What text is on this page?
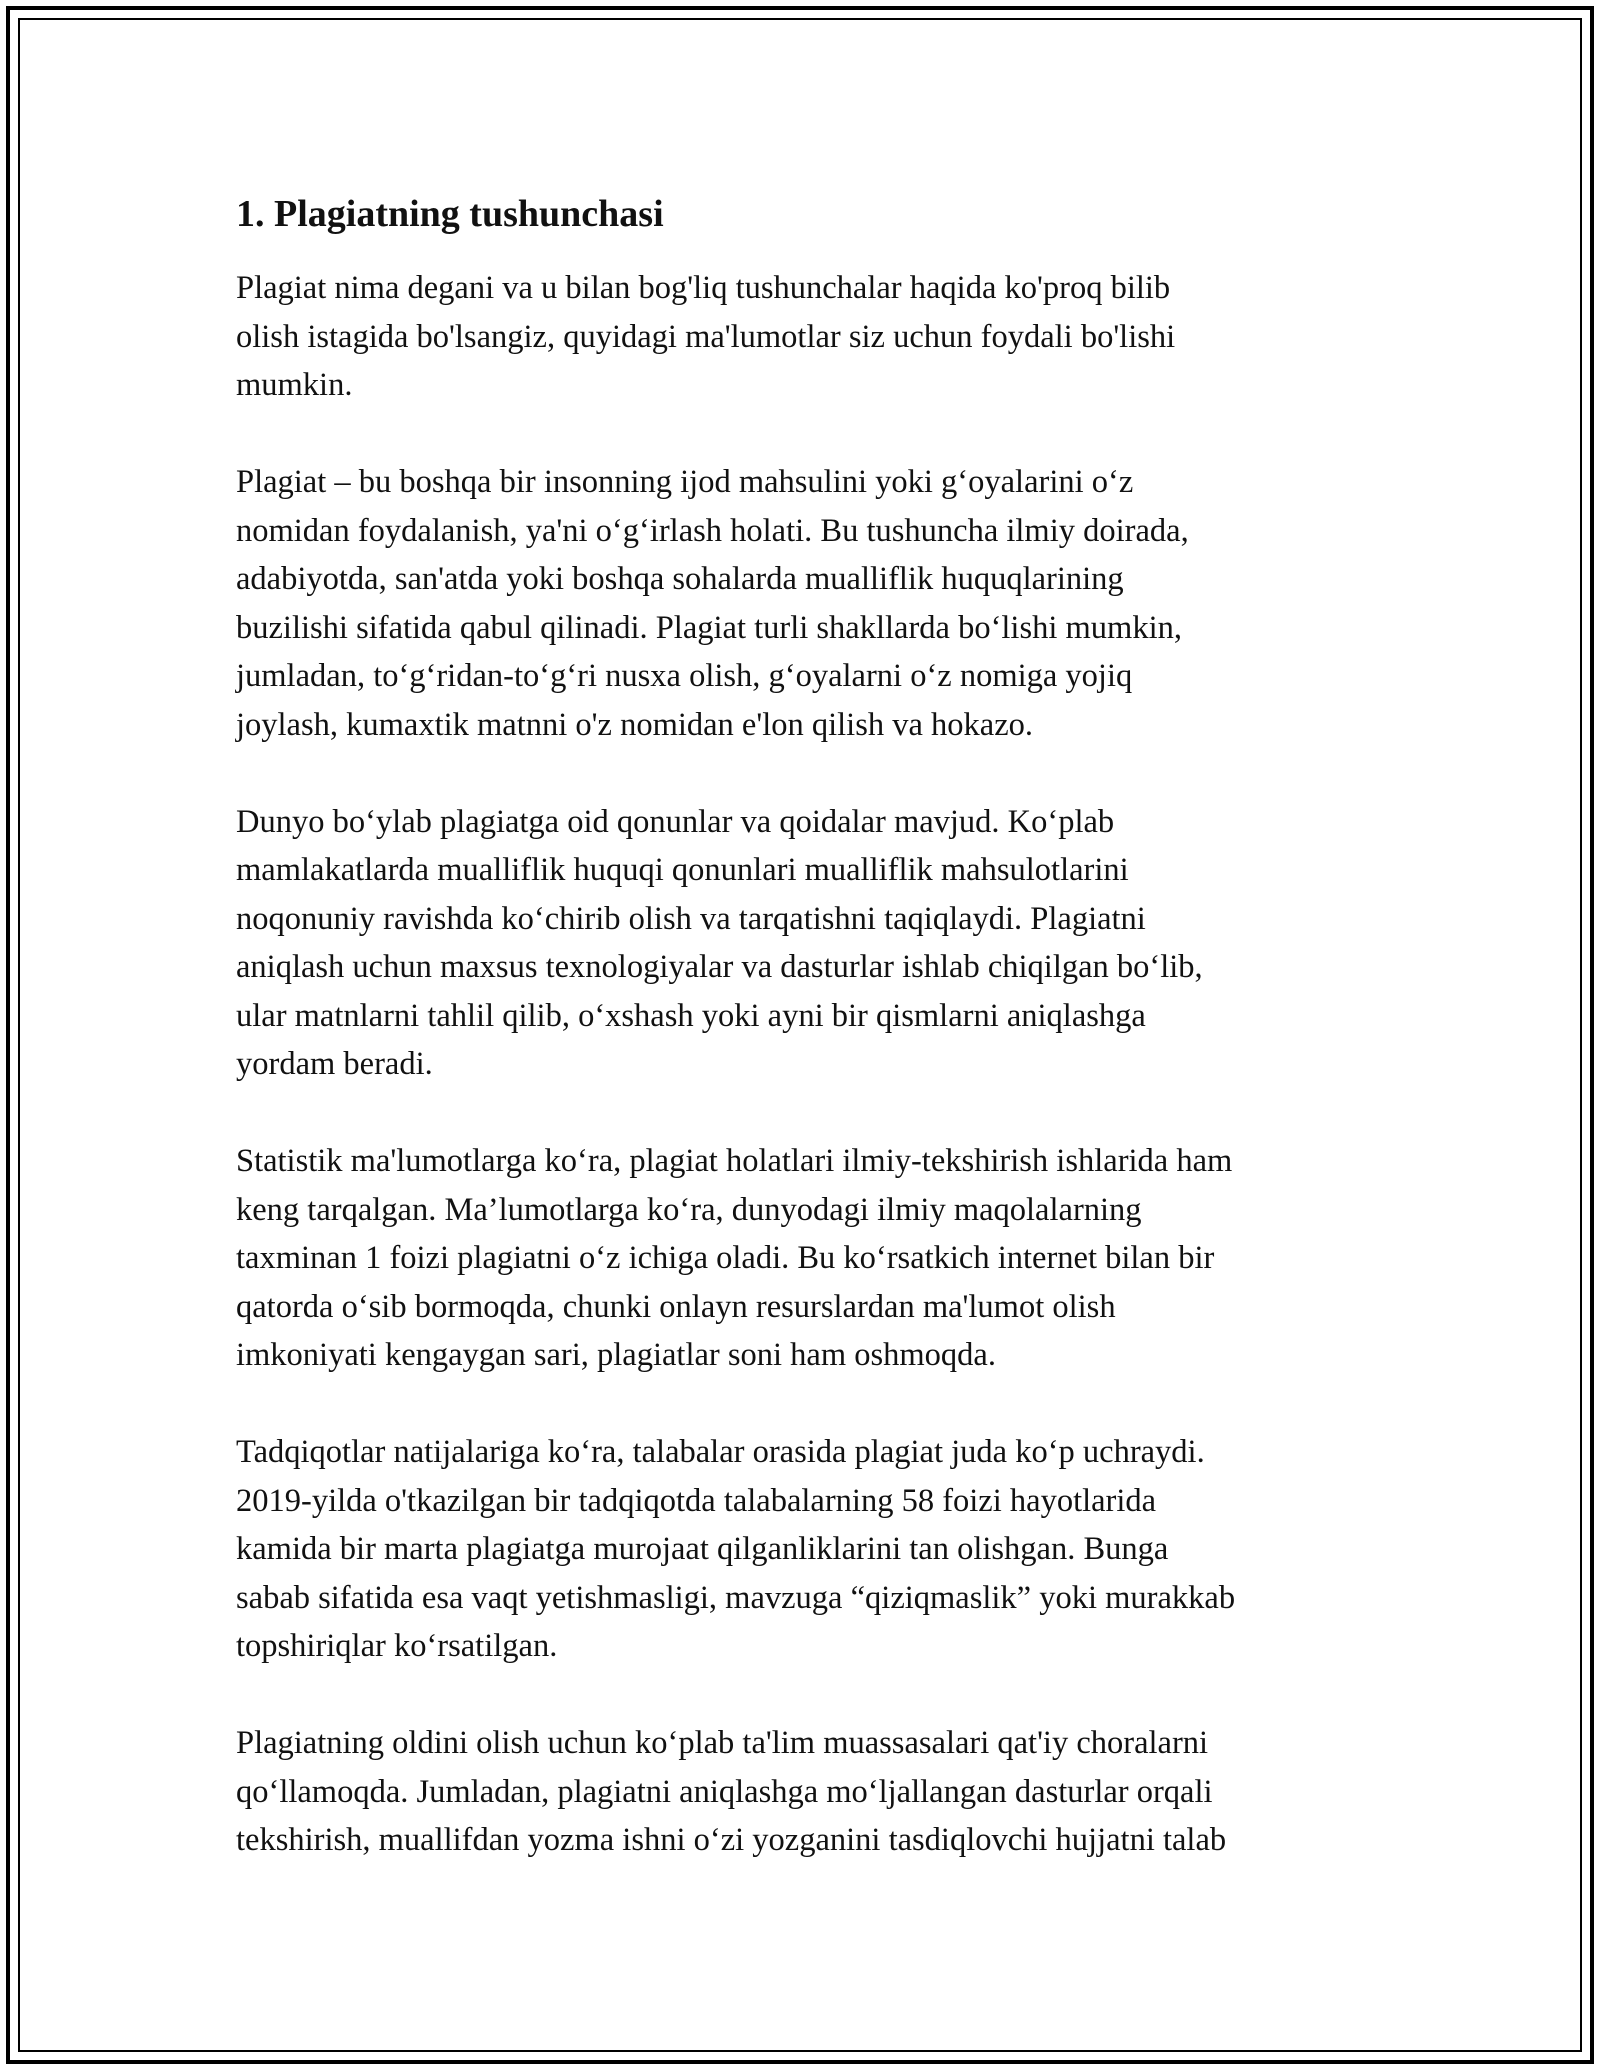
1. Plagiatning tushunchasi
Plagiat nima degani va u bilan bog'liq tushunchalar haqida ko'proq bilib
olish istagida bo'lsangiz, quyidagi ma'lumotlar siz uchun foydali bo'lishi
mumkin.
Plagiat – bu boshqa bir insonning ijod mahsulini yoki g‘oyalarini o‘z
nomidan foydalanish, ya'ni o‘g‘irlash holati. Bu tushuncha ilmiy doirada,
adabiyotda, san'atda yoki boshqa sohalarda mualliflik huquqlarining
buzilishi sifatida qabul qilinadi. Plagiat turli shakllarda bo‘lishi mumkin,
jumladan, to‘g‘ridan-to‘g‘ri nusxa olish, g‘oyalarni o‘z nomiga yojiq
joylash, kumaxtik matnni o'z nomidan e'lon qilish va hokazo.
Dunyo bo‘ylab plagiatga oid qonunlar va qoidalar mavjud. Ko‘plab
mamlakatlarda mualliflik huquqi qonunlari mualliflik mahsulotlarini
noqonuniy ravishda ko‘chirib olish va tarqatishni taqiqlaydi. Plagiatni
aniqlash uchun maxsus texnologiyalar va dasturlar ishlab chiqilgan bo‘lib,
ular matnlarni tahlil qilib, o‘xshash yoki ayni bir qismlarni aniqlashga
yordam beradi.
Statistik ma'lumotlarga ko‘ra, plagiat holatlari ilmiy-tekshirish ishlarida ham
keng tarqalgan. Ma’lumotlarga ko‘ra, dunyodagi ilmiy maqolalarning
taxminan 1 foizi plagiatni o‘z ichiga oladi. Bu ko‘rsatkich internet bilan bir
qatorda o‘sib bormoqda, chunki onlayn resurslardan ma'lumot olish
imkoniyati kengaygan sari, plagiatlar soni ham oshmoqda.
Tadqiqotlar natijalariga ko‘ra, talabalar orasida plagiat juda ko‘p uchraydi.
2019-yilda o'tkazilgan bir tadqiqotda talabalarning 58 foizi hayotlarida
kamida bir marta plagiatga murojaat qilganliklarini tan olishgan. Bunga
sabab sifatida esa vaqt yetishmasligi, mavzuga “qiziqmaslik” yoki murakkab
topshiriqlar ko‘rsatilgan.
Plagiatning oldini olish uchun ko‘plab ta'lim muassasalari qat'iy choralarni
qo‘llamoqda. Jumladan, plagiatni aniqlashga mo‘ljallangan dasturlar orqali
tekshirish, muallifdan yozma ishni o‘zi yozganini tasdiqlovchi hujjatni talab
